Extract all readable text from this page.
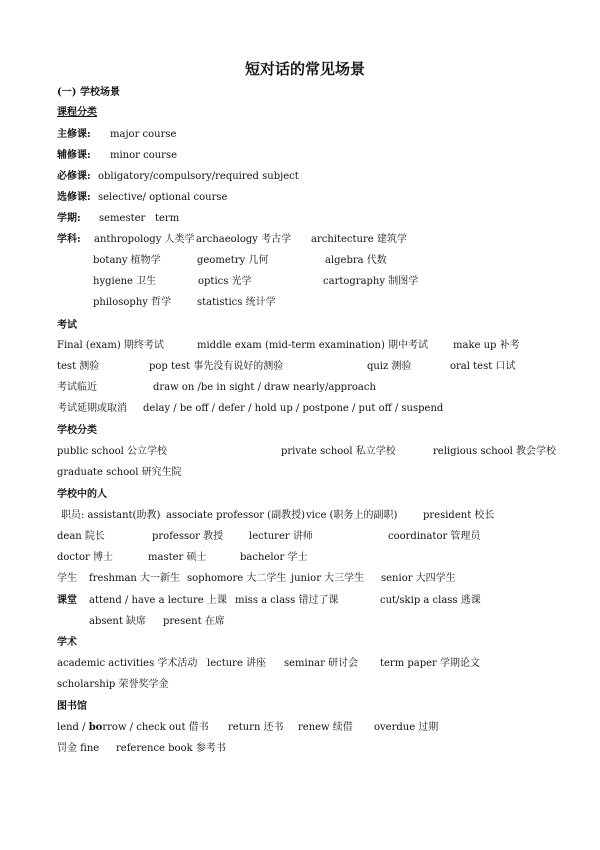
短对话的常见场景
(一) 学校场景
课程分类
主修课: major course
辅修课: minor course
必修课: obligatory/compulsory/required subject
选修课: selective/ optional course
学期: semester term
学科: anthropology 人类学 archaeology 考古学 architecture 建筑学
botany 植物学	geometry 几何	algebra 代数
hygiene 卫生	optics 光学	cartography 制图学
philosophy 哲学	statistics 统计学
考试
Final (exam) 期终考试	middle exam (mid-term examination) 期中考试 make up 补考
test 测验	pop test 事先没有说好的测验	quiz 测验	oral test 口试
考试临近	draw on /be in sight / draw nearly/approach
考试延期或取消 delay / be off / defer / hold up / postpone / put off / suspend
学校分类
public school 公立学校	private school 私立学校	religious school 教会学校
graduate school 研究生院
学校中的人
职员: assistant(助教) associate professor (副教授) vice (职务上的副职)	president 校长
dean 院长	professor 教授	lecturer 讲师	coordinator 管理员
doctor 博士	master 硕士	bachelor 学士
学生 freshman 大一新生 sophomore 大二学生 junior 大三学生 senior 大四学生
课堂 attend / have a lecture 上课 miss a class 错过了课	cut/skip a class 逃课
absent 缺席 present 在席
学术
academic activities 学术活动 lecture 讲座 seminar 研讨会 term paper 学期论文
scholarship 荣誉奖学金
图书馆
lend / borrow / check out 借书 return 还书 renew 续借 overdue 过期
罚金 fine reference book 参考书
